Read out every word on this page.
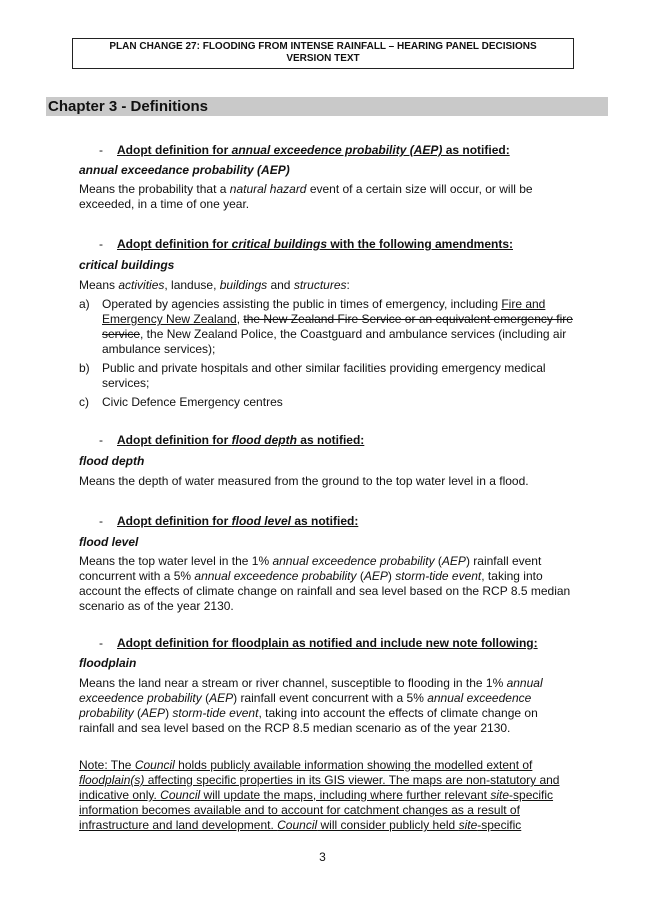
PLAN CHANGE 27: FLOODING FROM INTENSE RAINFALL – HEARING PANEL DECISIONS
VERSION TEXT
Chapter 3 - Definitions
- Adopt definition for annual exceedence probability (AEP) as notified:
annual exceedance probability (AEP)
Means the probability that a natural hazard event of a certain size will occur, or will be exceeded, in a time of one year.
- Adopt definition for critical buildings with the following amendments:
critical buildings
Means activities, landuse, buildings and structures:
a)	Operated by agencies assisting the public in times of emergency, including Fire and Emergency New Zealand, the New Zealand Fire Service or an equivalent emergency fire service, the New Zealand Police, the Coastguard and ambulance services (including air ambulance services);
b)	Public and private hospitals and other similar facilities providing emergency medical services;
c)	Civic Defence Emergency centres
- Adopt definition for flood depth as notified:
flood depth
Means the depth of water measured from the ground to the top water level in a flood.
- Adopt definition for flood level as notified:
flood level
Means the top water level in the 1% annual exceedence probability (AEP) rainfall event concurrent with a 5% annual exceedence probability (AEP) storm-tide event, taking into account the effects of climate change on rainfall and sea level based on the RCP 8.5 median scenario as of the year 2130.
- Adopt definition for floodplain as notified and include new note following:
floodplain
Means the land near a stream or river channel, susceptible to flooding in the 1% annual exceedence probability (AEP) rainfall event concurrent with a 5% annual exceedence probability (AEP) storm-tide event, taking into account the effects of climate change on rainfall and sea level based on the RCP 8.5 median scenario as of the year 2130.
Note: The Council holds publicly available information showing the modelled extent of floodplain(s) affecting specific properties in its GIS viewer. The maps are non-statutory and indicative only. Council will update the maps, including where further relevant site-specific information becomes available and to account for catchment changes as a result of infrastructure and land development. Council will consider publicly held site-specific
3
